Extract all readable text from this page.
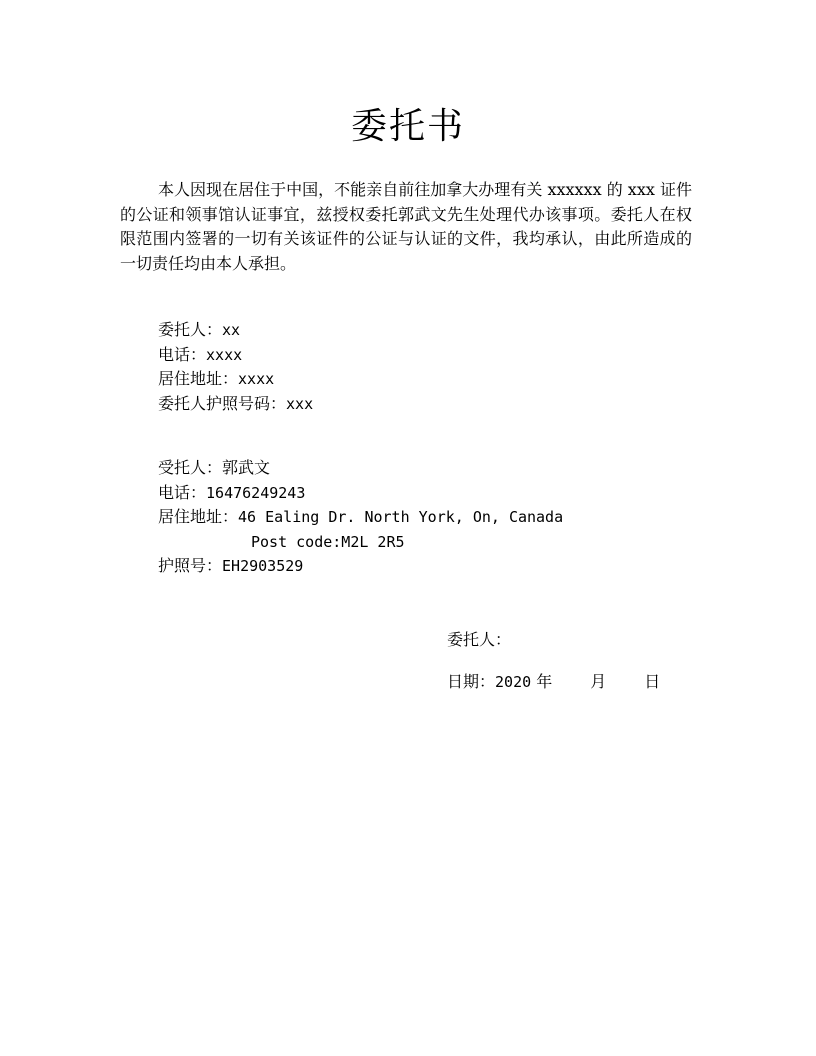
委托书
本人因现在居住于中国，不能亲自前往加拿大办理有关 xxxxxx 的 xxx 证件的公证和领事馆认证事宜，兹授权委托郭武文先生处理代办该事项。委托人在权限范围内签署的一切有关该证件的公证与认证的文件，我均承认，由此所造成的一切责任均由本人承担。
委托人：xx
电话：xxxx
居住地址：xxxx
委托人护照号码：xxx
受托人：郭武文
电话：16476249243
居住地址：46 Ealing Dr. North York, On, Canada
Post code:M2L 2R5
护照号：EH2903529
委托人：
日期：2020 年 月 日
